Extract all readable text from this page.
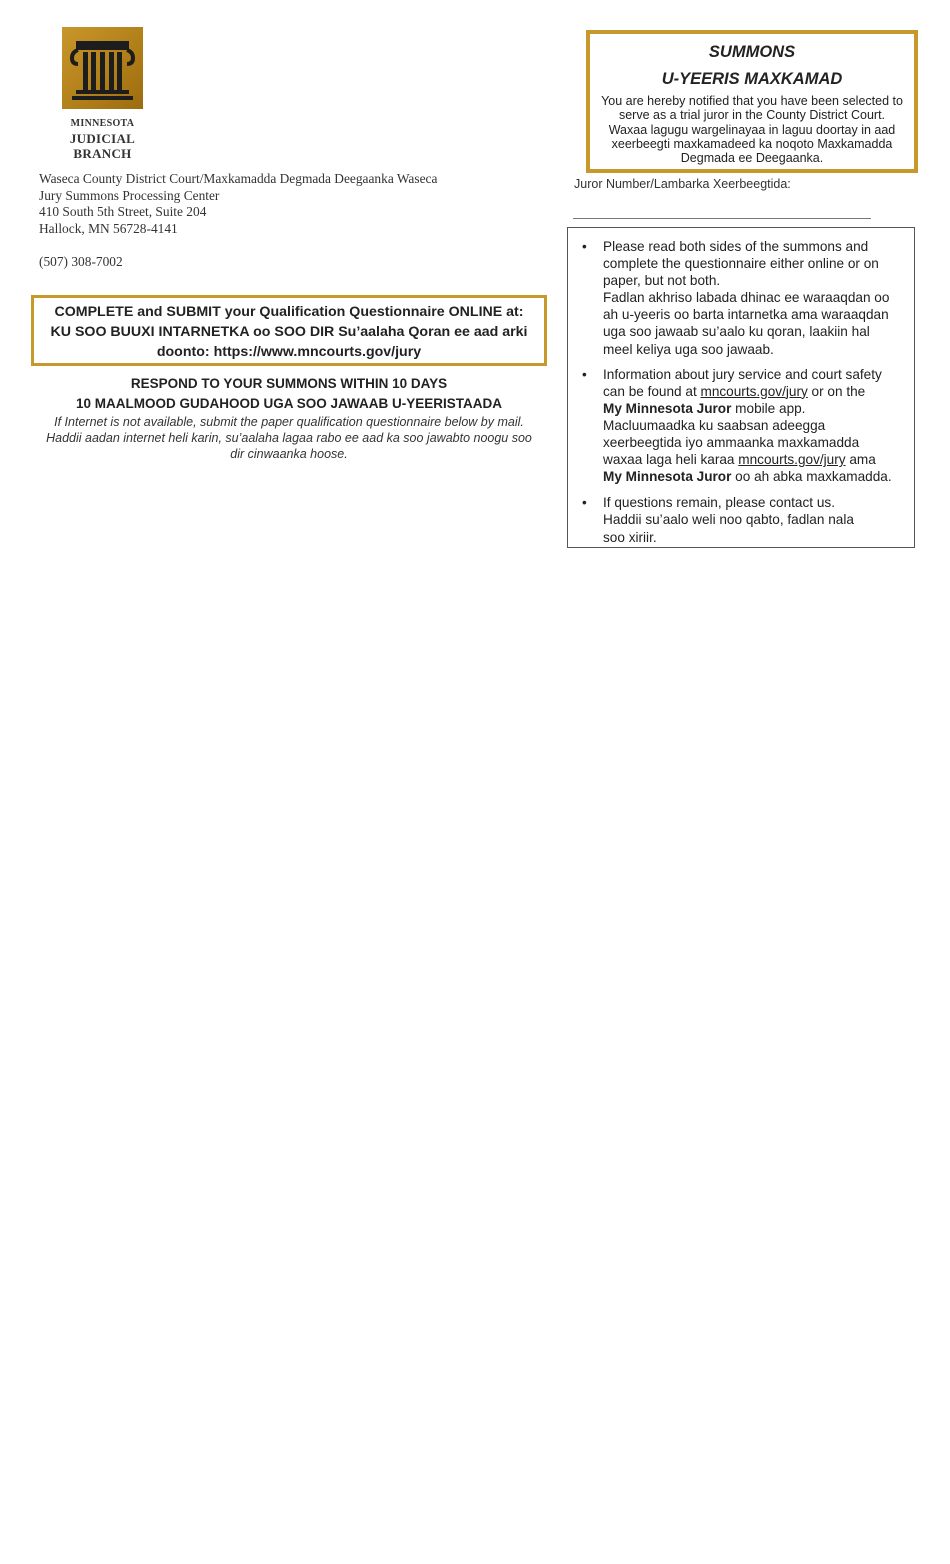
MINNESOTA
JUDICIAL
BRANCH
Waseca County District Court/Maxkamadda Degmada Deegaanka Waseca
Jury Summons Processing Center
410 South 5th Street, Suite 204
Hallock, MN 56728-4141
(507) 308-7002
COMPLETE and SUBMIT your Qualification Questionnaire ONLINE at:
KU SOO BUUXI INTARNETKA oo SOO DIR Su’aalaha Qoran ee aad arki
doonto: https://www.mncourts.gov/jury
RESPOND TO YOUR SUMMONS WITHIN 10 DAYS
10 MAALMOOD GUDAHOOD UGA SOO JAWAAB U-YEERISTAADA
If Internet is not available, submit the paper qualification questionnaire below by mail.
Haddii aadan internet heli karin, su’aalaha lagaa rabo ee aad ka soo jawabto noogu soo
dir cinwaanka hoose.
SUMMONS
U-YEERIS MAXKAMAD
You are hereby notified that you have been selected to
serve as a trial juror in the County District Court.
Waxaa lagugu wargelinayaa in laguu doortay in aad
xeerbeegti maxkamadeed ka noqoto Maxkamadda
Degmada ee Deegaanka.
Juror Number/Lambarka Xeerbeegtida:
• Please read both sides of the summons and
complete the questionnaire either online or on
paper, but not both.
Fadlan akhriso labada dhinac ee waraaqdan oo
ah u-yeeris oo barta intarnetka ama waraaqdan
uga soo jawaab su’aalo ku qoran, laakiin hal
meel keliya uga soo jawaab.
• Information about jury service and court safety
can be found at mncourts.gov/jury or on the
My Minnesota Juror mobile app.
Macluumaadka ku saabsan adeegga
xeerbeegtida iyo ammaanka maxkamadda
waxaa laga heli karaa mncourts.gov/jury ama
My Minnesota Juror oo ah abka maxkamadda.
• If questions remain, please contact us.
Haddii su’aalo weli noo qabto, fadlan nala
soo xiriir.
